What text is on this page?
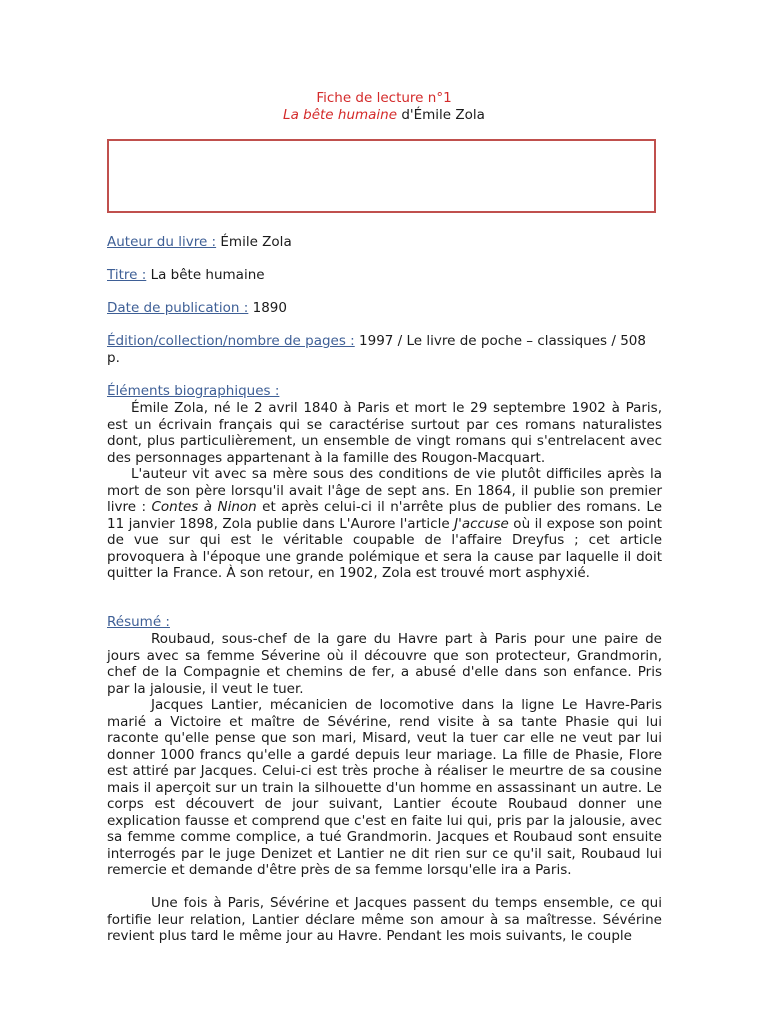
Fiche de lecture n°1
La bête humaine d'Émile Zola
Auteur du livre : Émile Zola
Titre : La bête humaine
Date de publication : 1890
Édition/collection/nombre de pages : 1997 / Le livre de poche – classiques / 508 p.
Éléments biographiques :

Émile Zola, né le 2 avril 1840 à Paris et mort le 29 septembre 1902 à Paris, est un écrivain français qui se caractérise surtout par ces romans naturalistes dont, plus particulièrement, un ensemble de vingt romans qui s'entrelacent avec des personnages appartenant à la famille des Rougon-Macquart.

L'auteur vit avec sa mère sous des conditions de vie plutôt difficiles après la mort de son père lorsqu'il avait l'âge de sept ans. En 1864, il publie son premier livre : Contes à Ninon et après celui-ci il n'arrête plus de publier des romans. Le 11 janvier 1898, Zola publie dans L'Aurore l'article J'accuse où il expose son point de vue sur qui est le véritable coupable de l'affaire Dreyfus ; cet article provoquera à l'époque une grande polémique et sera la cause par laquelle il doit quitter la France. À son retour, en 1902, Zola est trouvé mort asphyxié.

Résumé :

Roubaud, sous-chef de la gare du Havre part à Paris pour une paire de jours avec sa femme Séverine où il découvre que son protecteur, Grandmorin, chef de la Compagnie et chemins de fer, a abusé d'elle dans son enfance. Pris par la jalousie, il veut le tuer.

Jacques Lantier, mécanicien de locomotive dans la ligne Le Havre-Paris marié a Victoire et maître de Sévérine, rend visite à sa tante Phasie qui lui raconte qu'elle pense que son mari, Misard, veut la tuer car elle ne veut par lui donner 1000 francs qu'elle a gardé depuis leur mariage. La fille de Phasie, Flore est attiré par Jacques. Celui-ci est très proche à réaliser le meurtre de sa cousine mais il aperçoit sur un train la silhouette d'un homme en assassinant un autre. Le corps est découvert de jour suivant, Lantier écoute Roubaud donner une explication fausse et comprend que c'est en faite lui qui, pris par la jalousie, avec sa femme comme complice, a tué Grandmorin. Jacques et Roubaud sont ensuite interrogés par le juge Denizet et Lantier ne dit rien sur ce qu'il sait, Roubaud lui remercie et demande d'être près de sa femme lorsqu'elle ira a Paris.

Une fois à Paris, Sévérine et Jacques passent du temps ensemble, ce qui fortifie leur relation, Lantier déclare même son amour à sa maîtresse. Sévérine revient plus tard le même jour au Havre. Pendant les mois suivants, le couple
